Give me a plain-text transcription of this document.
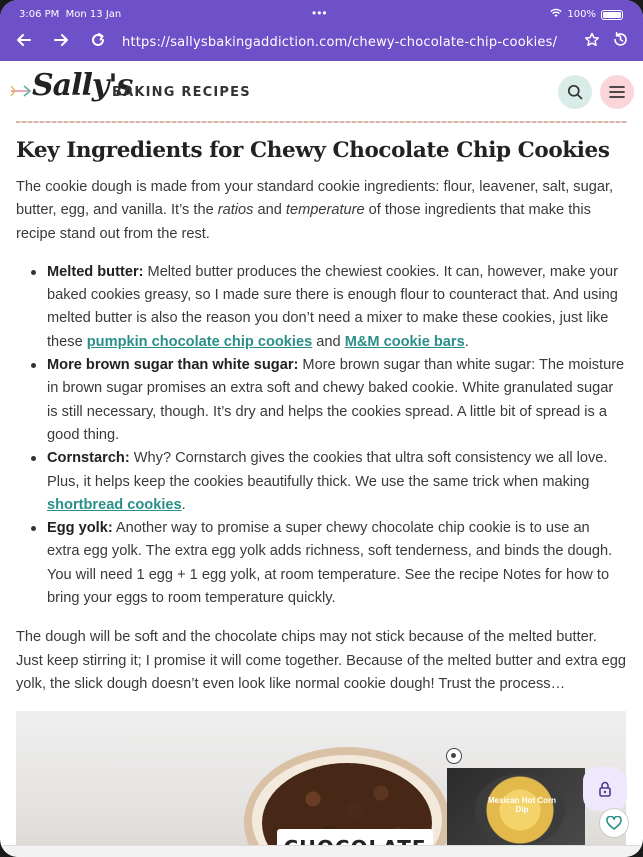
3:06 PM Mon 13 Jan	•••	100%
https://sallysbakingaddiction.com/chewy-chocolate-chip-cookies/
Sally's
BAKING RECIPES
Key Ingredients for Chewy Chocolate Chip Cookies

The cookie dough is made from your standard cookie ingredients: flour, leavener, salt, sugar, butter, egg, and vanilla. It’s the ratios and temperature of those ingredients that make this recipe stand out from the rest.

Melted butter: Melted butter produces the chewiest cookies. It can, however, make your baked cookies greasy, so I made sure there is enough flour to counteract that. And using melted butter is also the reason you don’t need a mixer to make these cookies, just like these pumpkin chocolate chip cookies and M&M cookie bars.
More brown sugar than white sugar: More brown sugar than white sugar: The moisture in brown sugar promises an extra soft and chewy baked cookie. White granulated sugar is still necessary, though. It’s dry and helps the cookies spread. A little bit of spread is a good thing.
Cornstarch: Why? Cornstarch gives the cookies that ultra soft consistency we all love. Plus, it helps keep the cookies beautifully thick. We use the same trick when making shortbread cookies.
Egg yolk: Another way to promise a super chewy chocolate chip cookie is to use an extra egg yolk. The extra egg yolk adds richness, soft tenderness, and binds the dough. You will need 1 egg + 1 egg yolk, at room temperature. See the recipe Notes for how to bring your eggs to room temperature quickly.

The dough will be soft and the chocolate chips may not stick because of the melted butter. Just keep stirring it; I promise it will come together. Because of the melted butter and extra egg yolk, the slick dough doesn’t even look like normal cookie dough! Trust the process…

Mexican Hot Corn Dip
